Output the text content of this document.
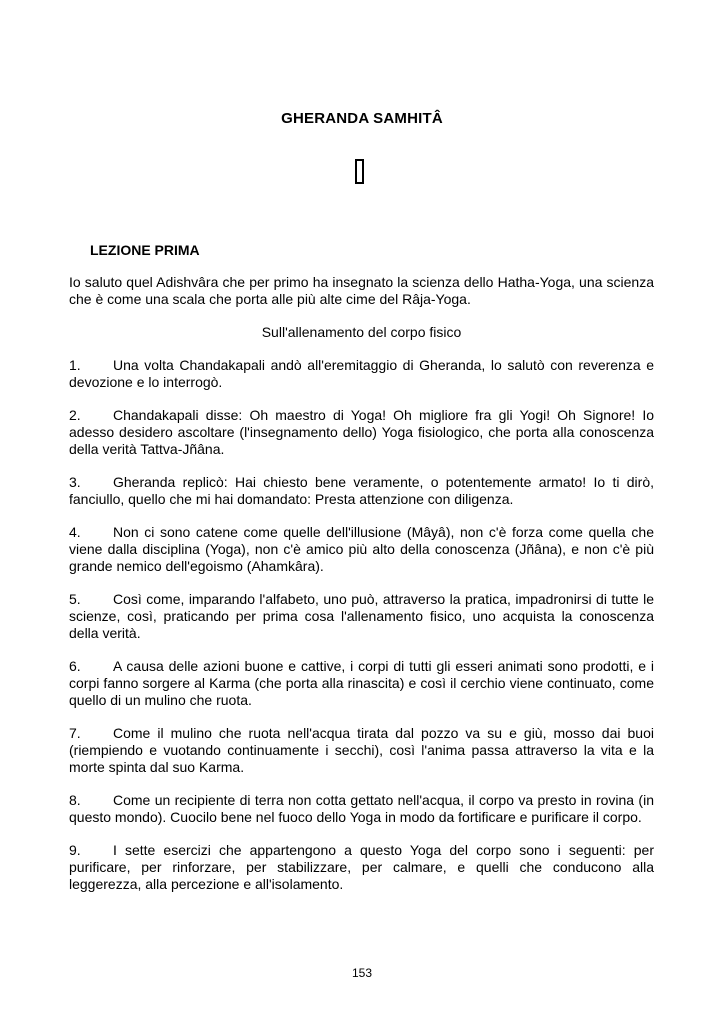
GHERANDA SAMHITÂ
LEZIONE PRIMA

Io saluto quel Adishvâra che per primo ha insegnato la scienza dello Hatha-Yoga, una scienza che è come una scala che porta alle più alte cime del Râja-Yoga.

Sull'allenamento del corpo fisico

1. Una volta Chandakapali andò all'eremitaggio di Gheranda, lo salutò con reverenza e devozione e lo interrogò.

2. Chandakapali disse: Oh maestro di Yoga! Oh migliore fra gli Yogi! Oh Signore! Io adesso desidero ascoltare (l'insegnamento dello) Yoga fisiologico, che porta alla conoscenza della verità Tattva-Jñâna.

3. Gheranda replicò: Hai chiesto bene veramente, o potentemente armato! Io ti dirò, fanciullo, quello che mi hai domandato: Presta attenzione con diligenza.

4. Non ci sono catene come quelle dell'illusione (Mâyâ), non c'è forza come quella che viene dalla disciplina (Yoga), non c'è amico più alto della conoscenza (Jñâna), e non c'è più grande nemico dell'egoismo (Ahamkâra).

5. Così come, imparando l'alfabeto, uno può, attraverso la pratica, impadronirsi di tutte le scienze, così, praticando per prima cosa l'allenamento fisico, uno acquista la conoscenza della verità.

6. A causa delle azioni buone e cattive, i corpi di tutti gli esseri animati sono prodotti, e i corpi fanno sorgere al Karma (che porta alla rinascita) e così il cerchio viene continuato, come quello di un mulino che ruota.

7. Come il mulino che ruota nell'acqua tirata dal pozzo va su e giù, mosso dai buoi (riempiendo e vuotando continuamente i secchi), così l'anima passa attraverso la vita e la morte spinta dal suo Karma.

8. Come un recipiente di terra non cotta gettato nell'acqua, il corpo va presto in rovina (in questo mondo). Cuocilo bene nel fuoco dello Yoga in modo da fortificare e purificare il corpo.

9. I sette esercizi che appartengono a questo Yoga del corpo sono i seguenti: per purificare, per rinforzare, per stabilizzare, per calmare, e quelli che conducono alla leggerezza, alla percezione e all'isolamento.

153
